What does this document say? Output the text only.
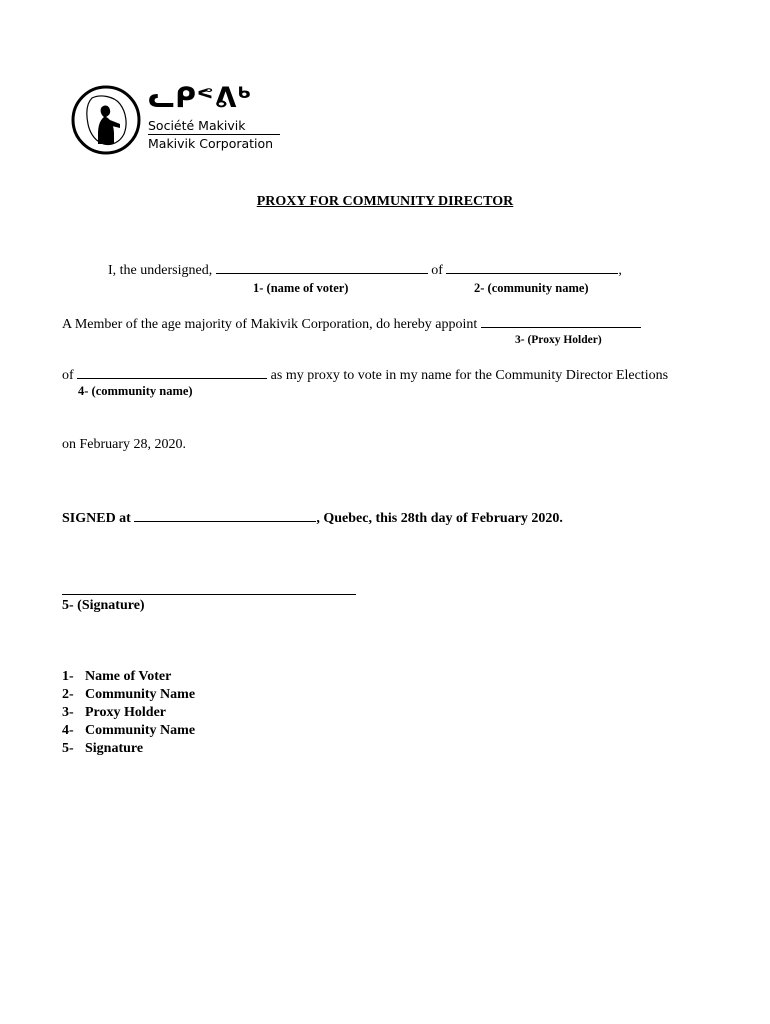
ᓚᑭᕝᕕᒃ
Société Makivik
Makivik Corporation
PROXY FOR COMMUNITY DIRECTOR
I, the undersigned,	of	,
1- (name of voter)	2- (community name)
A Member of the age majority of Makivik Corporation, do hereby appoint
3- (Proxy Holder)
of	as my proxy to vote in my name for the Community Director Elections
4- (community name)
on February 28, 2020.
SIGNED at	, Quebec, this 28th day of February 2020.
5- (Signature)
1- Name of Voter
2- Community Name
3- Proxy Holder
4- Community Name
5- Signature
